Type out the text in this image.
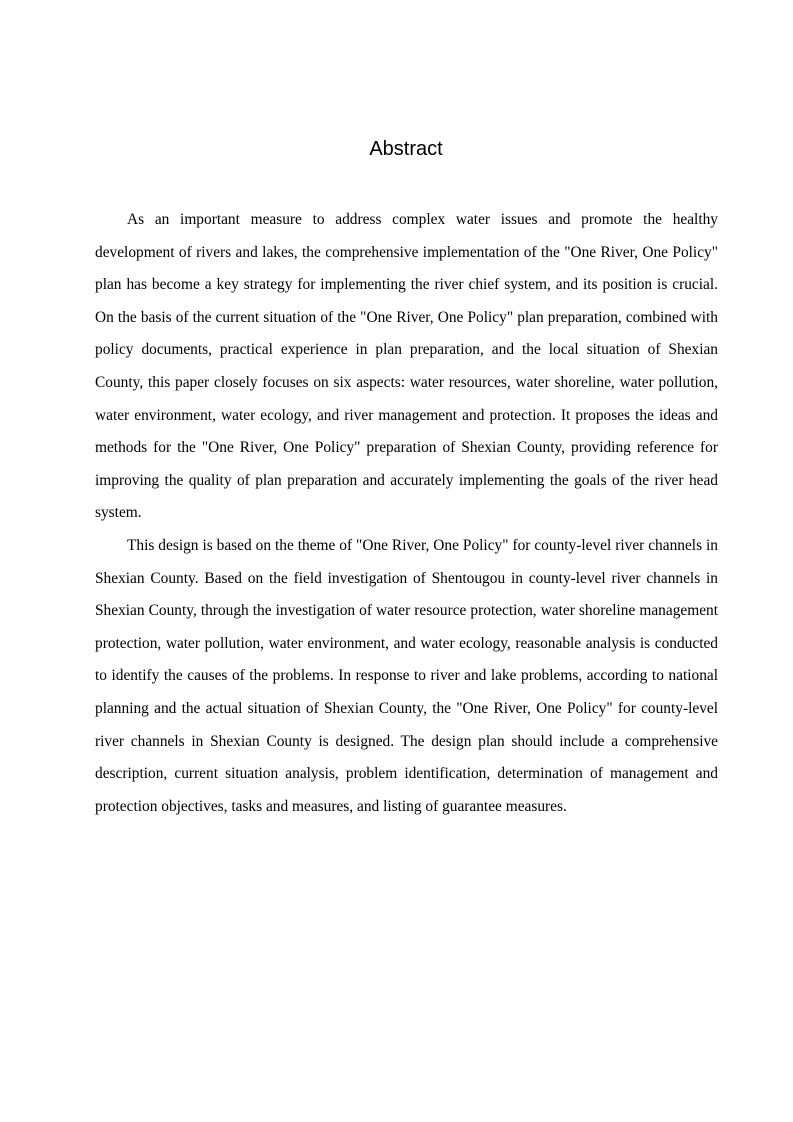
Abstract

As an important measure to address complex water issues and promote the healthy development of rivers and lakes, the comprehensive implementation of the "One River, One Policy" plan has become a key strategy for implementing the river chief system, and its position is crucial. On the basis of the current situation of the "One River, One Policy" plan preparation, combined with policy documents, practical experience in plan preparation, and the local situation of Shexian County, this paper closely focuses on six aspects: water resources, water shoreline, water pollution, water environment, water ecology, and river management and protection. It proposes the ideas and methods for the "One River, One Policy" preparation of Shexian County, providing reference for improving the quality of plan preparation and accurately implementing the goals of the river head system.

This design is based on the theme of "One River, One Policy" for county-level river channels in Shexian County. Based on the field investigation of Shentougou in county-level river channels in Shexian County, through the investigation of water resource protection, water shoreline management protection, water pollution, water environment, and water ecology, reasonable analysis is conducted to identify the causes of the problems. In response to river and lake problems, according to national planning and the actual situation of Shexian County, the "One River, One Policy" for county-level river channels in Shexian County is designed. The design plan should include a comprehensive description, current situation analysis, problem identification, determination of management and protection objectives, tasks and measures, and listing of guarantee measures.
